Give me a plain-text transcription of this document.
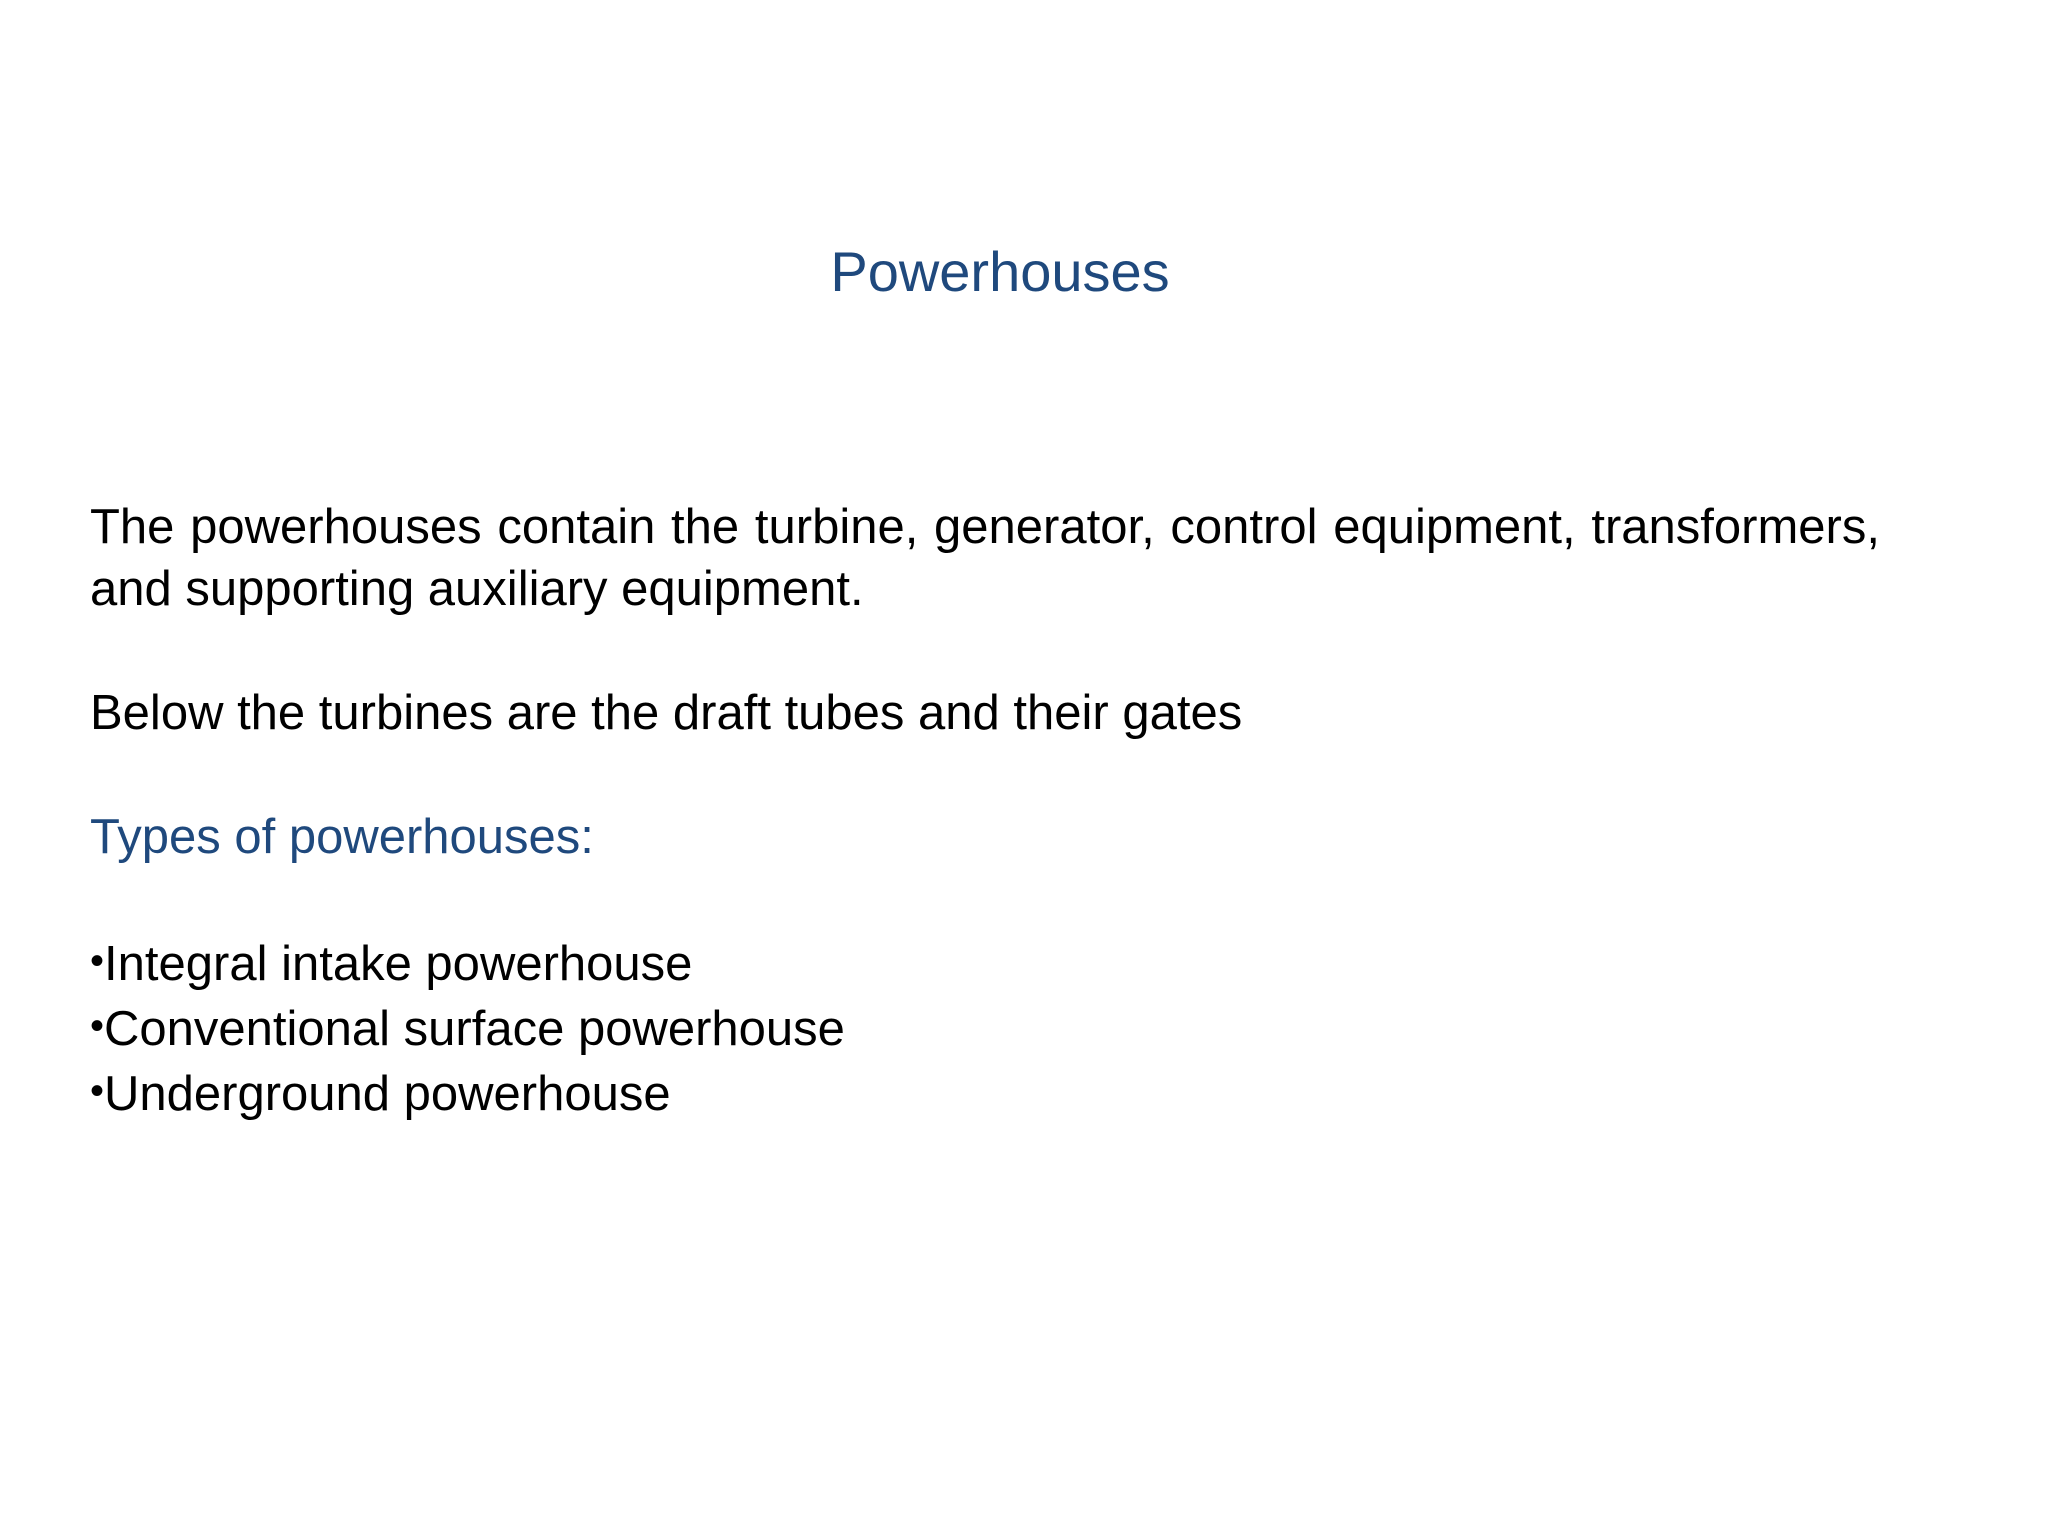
Powerhouses

The powerhouses contain the turbine, generator, control equipment, transformers, and supporting auxiliary equipment.

Below the turbines are the draft tubes and their gates

Types of powerhouses:

•Integral intake powerhouse
•Conventional surface powerhouse
•Underground powerhouse
